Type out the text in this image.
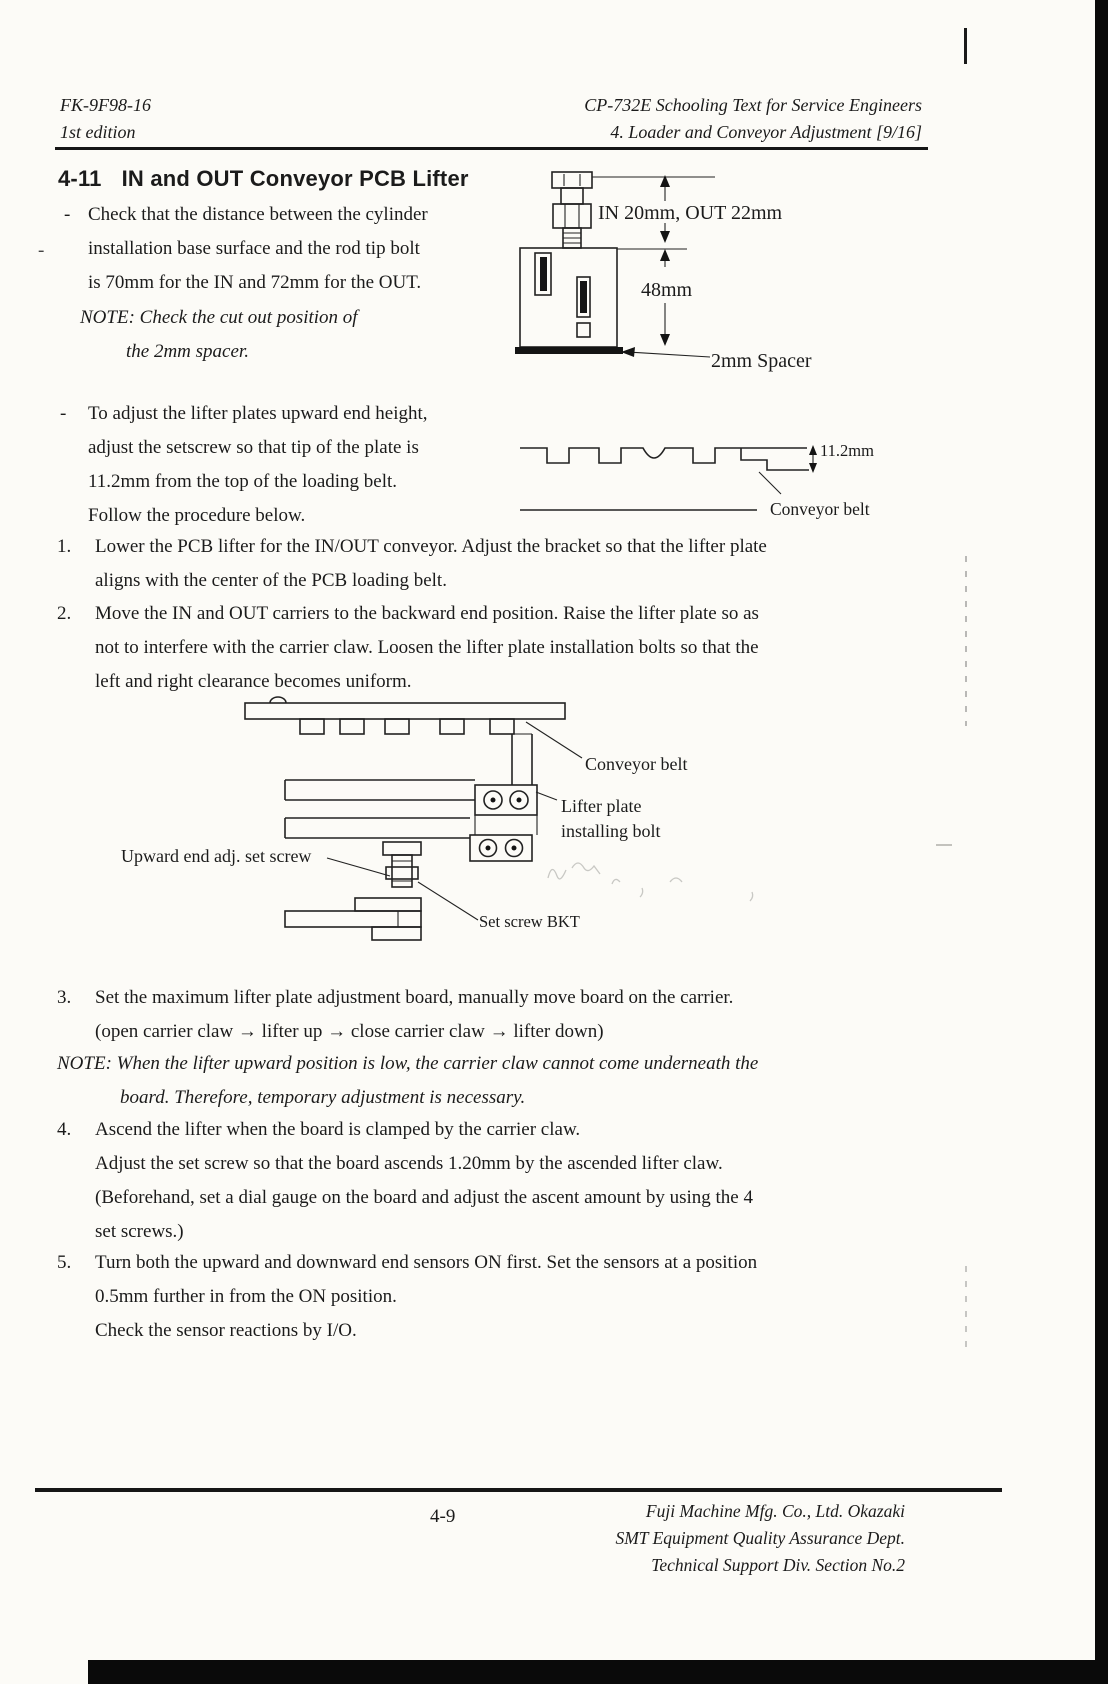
FK-9F98-16
1st edition
CP-732E Schooling Text for Service Engineers
4. Loader and Conveyor Adjustment [9/16]
4-11 IN and OUT Conveyor PCB Lifter
- Check that the distance between the cylinder
installation base surface and the rod tip bolt
is 70mm for the IN and 72mm for the OUT.
NOTE: Check the cut out position of
the 2mm spacer.
-
IN 20mm, OUT 22mm
48mm
2mm Spacer
- To adjust the lifter plates upward end height,
adjust the setscrew so that tip of the plate is
11.2mm from the top of the loading belt.
Follow the procedure below.
11.2mm
Conveyor belt
1. Lower the PCB lifter for the IN/OUT conveyor. Adjust the bracket so that the lifter plate
aligns with the center of the PCB loading belt.
2. Move the IN and OUT carriers to the backward end position. Raise the lifter plate so as
not to interfere with the carrier claw. Loosen the lifter plate installation bolts so that the
left and right clearance becomes uniform.
Conveyor belt
Lifter plate
installing bolt
Upward end adj. set screw
Set screw BKT
3. Set the maximum lifter plate adjustment board, manually move board on the carrier.
(open carrier claw → lifter up → close carrier claw → lifter down)
NOTE: When the lifter upward position is low, the carrier claw cannot come underneath the
board. Therefore, temporary adjustment is necessary.
4. Ascend the lifter when the board is clamped by the carrier claw.
Adjust the set screw so that the board ascends 1.20mm by the ascended lifter claw.
(Beforehand, set a dial gauge on the board and adjust the ascent amount by using the 4
set screws.)
5. Turn both the upward and downward end sensors ON first. Set the sensors at a position
0.5mm further in from the ON position.
Check the sensor reactions by I/O.
4-9	Fuji Machine Mfg. Co., Ltd. Okazaki
SMT Equipment Quality Assurance Dept.
Technical Support Div. Section No.2
